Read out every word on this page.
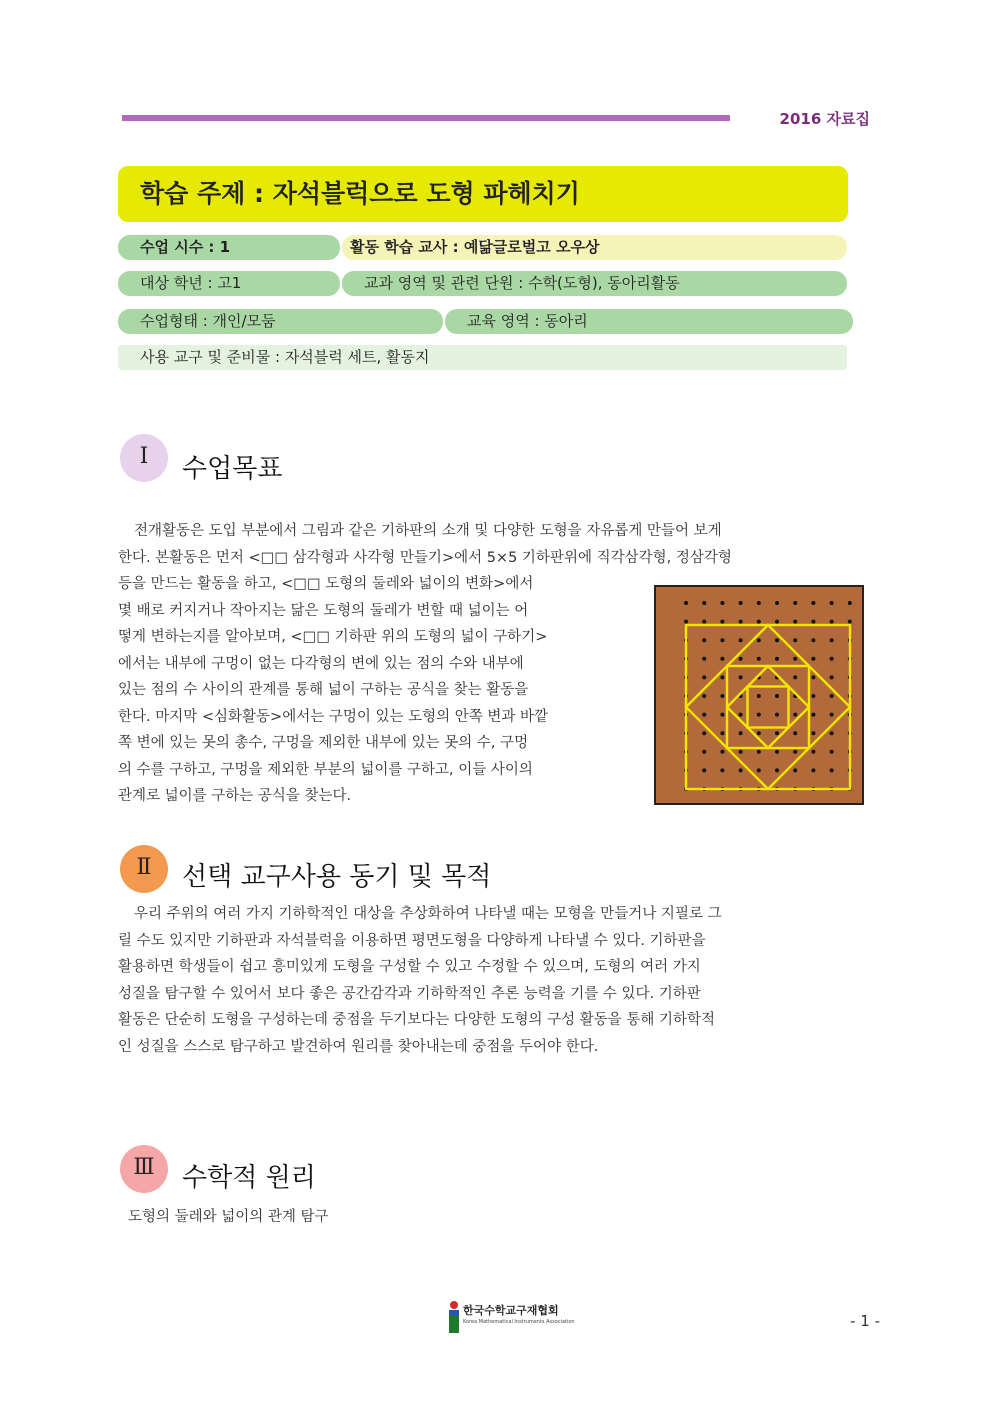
2016 자료집
학습 주제 : 자석블럭으로 도형 파헤치기
수업 시수 : 1	활동 학습 교사 : 예닮글로벌고 오우상
대상 학년 : 고1	교과 영역 및 관련 단원 : 수학(도형), 동아리활동
수업형태 : 개인/모둠	교육 영역 : 동아리
사용 교구 및 준비물 : 자석블럭 세트, 활동지
I	수업목표
전개활동은 도입 부분에서 그림과 같은 기하판의 소개 및 다양한 도형을 자유롭게 만들어 보게
한다. 본활동은 먼저 <□□ 삼각형과 사각형 만들기>에서 5×5 기하판위에 직각삼각형, 정삼각형
등을 만드는 활동을 하고, <□□ 도형의 둘레와 넓이의 변화>에서
몇 배로 커지거나 작아지는 닮은 도형의 둘레가 변할 때 넓이는 어
떻게 변하는지를 알아보며, <□□ 기하판 위의 도형의 넓이 구하기>
에서는 내부에 구멍이 없는 다각형의 변에 있는 점의 수와 내부에
있는 점의 수 사이의 관계를 통해 넓이 구하는 공식을 찾는 활동을
한다. 마지막 <심화활동>에서는 구멍이 있는 도형의 안쪽 변과 바깥
쪽 변에 있는 못의 총수, 구멍을 제외한 내부에 있는 못의 수, 구멍
의 수를 구하고, 구멍을 제외한 부분의 넓이를 구하고, 이들 사이의
관계로 넓이를 구하는 공식을 찾는다.
Ⅱ	선택 교구사용 동기 및 목적
우리 주위의 여러 가지 기하학적인 대상을 추상화하여 나타낼 때는 모형을 만들거나 지필로 그
릴 수도 있지만 기하판과 자석블럭을 이용하면 평면도형을 다양하게 나타낼 수 있다. 기하판을
활용하면 학생들이 쉽고 흥미있게 도형을 구성할 수 있고 수정할 수 있으며, 도형의 여러 가지
성질을 탐구할 수 있어서 보다 좋은 공간감각과 기하학적인 추론 능력을 기를 수 있다. 기하판
활동은 단순히 도형을 구성하는데 중점을 두기보다는 다양한 도형의 구성 활동을 통해 기하학적
인 성질을 스스로 탐구하고 발견하여 원리를 찾아내는데 중점을 두어야 한다.
Ⅲ	수학적 원리
도형의 둘레와 넓이의 관계 탐구
한국수학교구재협회
Korea Mathematical Instruments Association	- 1 -
